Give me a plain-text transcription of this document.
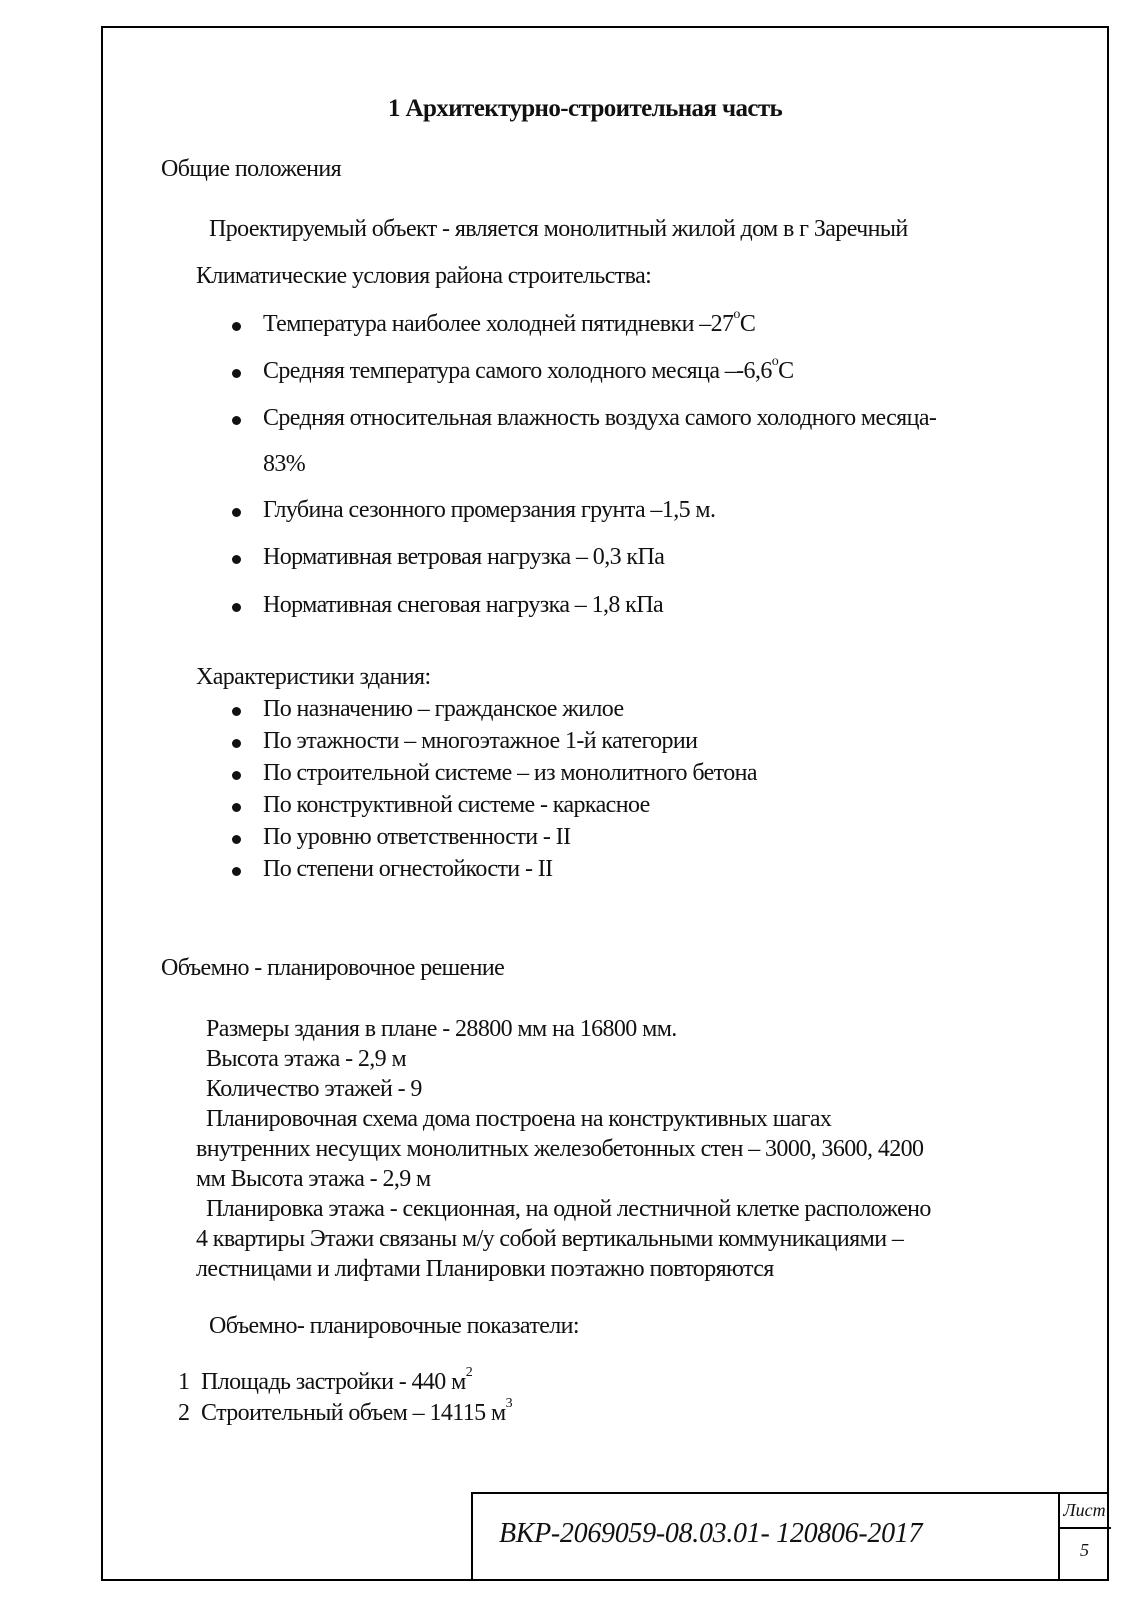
1 Архитектурно-строительная часть
Общие положения
Проектируемый объект - является монолитный жилой дом в г Заречный
Климатические условия района строительства:
Температура наиболее холодней пятидневки $-27^оС$
Средняя температура самого холодного месяца $--6,6^оС$
Средняя относительная влажность воздуха самого холодного месяца-
83%
Глубина сезонного промерзания грунта –1,5 м.
Нормативная ветровая нагрузка – 0,3 кПа
Нормативная снеговая нагрузка – 1,8 кПа
Характеристики здания:
По назначению – гражданское жилое
По этажности – многоэтажное 1-й категории
По строительной системе – из монолитного бетона
По конструктивной системе - каркасное
По уровню ответственности - II
По степени огнестойкости - II
Объемно - планировочное решение
Размеры здания в плане - 28800 мм на 16800 мм.
Высота этажа - 2,9 м
Количество этажей - 9
Планировочная схема дома построена на конструктивных шагах
внутренних несущих монолитных железобетонных стен – 3000, 3600, 4200
мм Высота этажа - 2,9 м
Планировка этажа - секционная, на одной лестничной клетке расположено
4 квартиры Этажи связаны м/у собой вертикальными коммуникациями –
лестницами и лифтами Планировки поэтажно повторяются
Объемно- планировочные показатели:
1 Площадь застройки - 440 $м^2$
2 Строительный объем – 14115 $м^3$
ВКР-2069059-08.03.01- 120806-2017
Лист
5
